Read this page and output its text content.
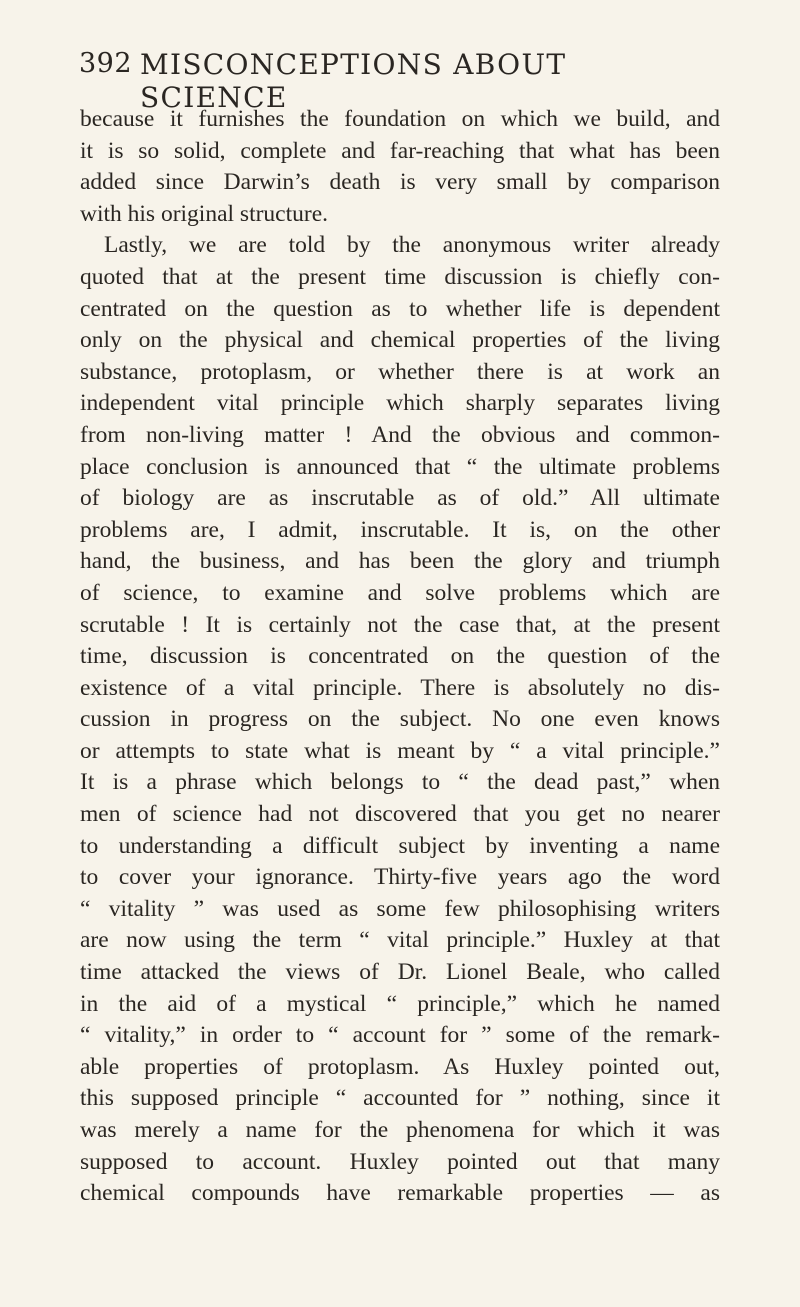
392 MISCONCEPTIONS ABOUT SCIENCE
because it furnishes the foundation on which we build, and
it is so solid, complete and far-reaching that what has been
added since Darwin’s death is very small by comparison
with his original structure.
Lastly, we are told by the anonymous writer already
quoted that at the present time discussion is chiefly con-
centrated on the question as to whether life is dependent
only on the physical and chemical properties of the living
substance, protoplasm, or whether there is at work an
independent vital principle which sharply separates living
from non-living matter ! And the obvious and common-
place conclusion is announced that “ the ultimate problems
of biology are as inscrutable as of old.” All ultimate
problems are, I admit, inscrutable. It is, on the other
hand, the business, and has been the glory and triumph
of science, to examine and solve problems which are
scrutable ! It is certainly not the case that, at the present
time, discussion is concentrated on the question of the
existence of a vital principle. There is absolutely no dis-
cussion in progress on the subject. No one even knows
or attempts to state what is meant by “ a vital principle.”
It is a phrase which belongs to “ the dead past,” when
men of science had not discovered that you get no nearer
to understanding a difficult subject by inventing a name
to cover your ignorance. Thirty-five years ago the word
“ vitality ” was used as some few philosophising writers
are now using the term “ vital principle.” Huxley at that
time attacked the views of Dr. Lionel Beale, who called
in the aid of a mystical “ principle,” which he named
“ vitality,” in order to “ account for ” some of the remark-
able properties of protoplasm. As Huxley pointed out,
this supposed principle “ accounted for ” nothing, since it
was merely a name for the phenomena for which it was
supposed to account. Huxley pointed out that many
chemical compounds have remarkable properties — as
